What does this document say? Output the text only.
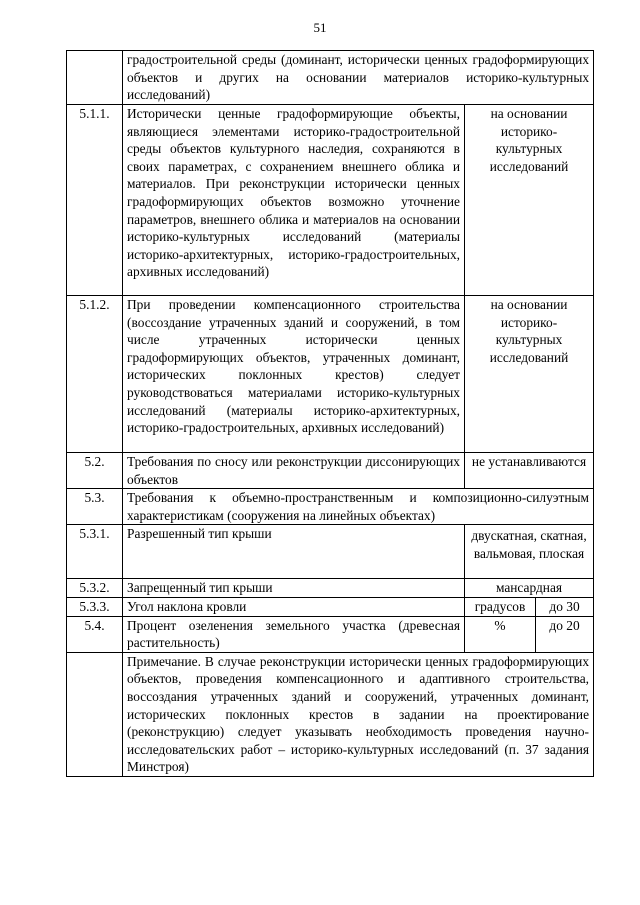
51
	градостроительной среды (доминант, исторически ценных градоформирующих объектов и других на основании материалов историко-культурных исследований)		
5.1.1.	Исторически ценные градоформирующие объекты, являющиеся элементами историко-градостроительной среды объектов культурного наследия, сохраняются в своих параметрах, с сохранением внешнего облика и материалов. При реконструкции исторически ценных градоформирующих объектов возможно уточнение параметров, внешнего облика и материалов на основании историко-культурных исследований (материалы историко-архитектурных, историко-градостроительных, архивных исследований)	на основании историко-культурных исследований	
5.1.2.	При проведении компенсационного строительства (воссоздание утраченных зданий и сооружений, в том числе утраченных исторически ценных градоформирующих объектов, утраченных доминант, исторических поклонных крестов) следует руководствоваться материалами историко-культурных исследований (материалы историко-архитектурных, историко-градостроительных, архивных исследований)	на основании историко-культурных исследований	
5.2.	Требования по сносу или реконструкции диссонирующих объектов	не устанавливаются	
5.3.	Требования к объемно-пространственным и композиционно-силуэтным характеристикам (сооружения на линейных объектах)		
5.3.1.	Разрешенный тип крыши	двускатная, скатная, вальмовая, плоская	
5.3.2.	Запрещенный тип крыши	мансардная	
5.3.3.	Угол наклона кровли	градусов	до 30
5.4.	Процент озеленения земельного участка (древесная растительность)	%	до 20
	Примечание. В случае реконструкции исторически ценных градоформирующих объектов, проведения компенсационного и адаптивного строительства, воссоздания утраченных зданий и сооружений, утраченных доминант, исторических поклонных крестов в задании на проектирование (реконструкцию) следует указывать необходимость проведения научно-исследовательских работ – историко-культурных исследований (п. 37 задания Минстроя)		
